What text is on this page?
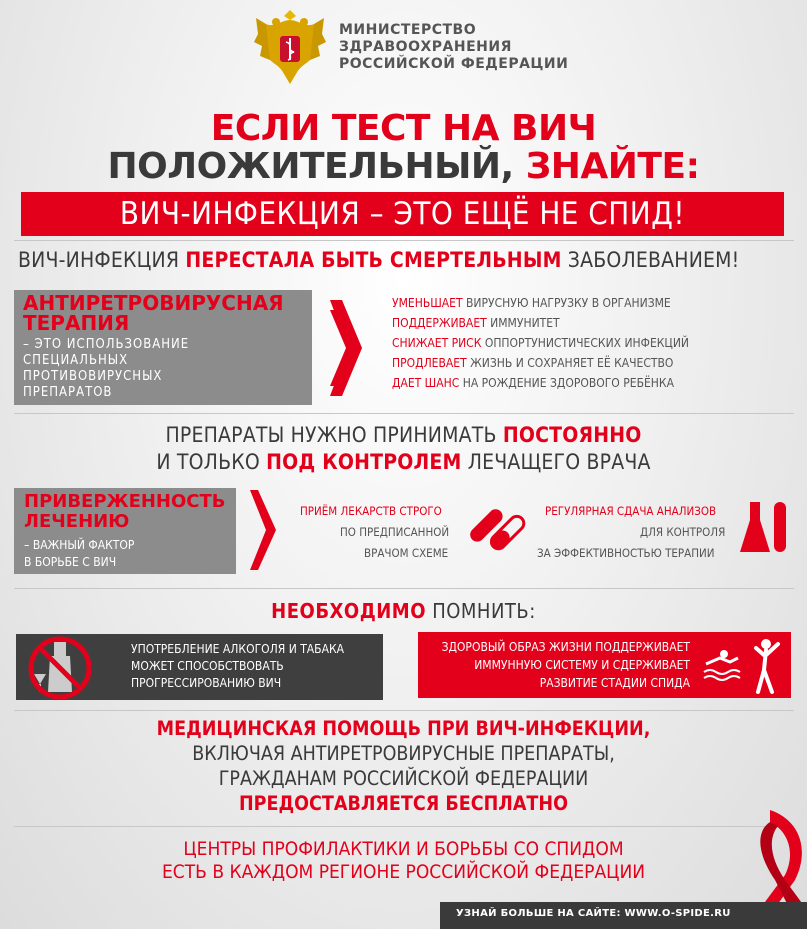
МИНИСТЕРСТВО
ЗДРАВООХРАНЕНИЯ
РОССИЙСКОЙ ФЕДЕРАЦИИ
ЕСЛИ ТЕСТ НА ВИЧ
ПОЛОЖИТЕЛЬНЫЙ, ЗНАЙТЕ:
ВИЧ-ИНФЕКЦИЯ – ЭТО ЕЩЁ НЕ СПИД!
ВИЧ-ИНФЕКЦИЯ ПЕРЕСТАЛА БЫТЬ СМЕРТЕЛЬНЫМ ЗАБОЛЕВАНИЕМ!
АНТИРЕТРОВИРУСНАЯ
ТЕРАПИЯ
– ЭТО ИСПОЛЬЗОВАНИЕ
СПЕЦИАЛЬНЫХ
ПРОТИВОВИРУСНЫХ
ПРЕПАРАТОВ
УМЕНЬШАЕТ ВИРУСНУЮ НАГРУЗКУ В ОРГАНИЗМЕ
ПОДДЕРЖИВАЕТ ИММУНИТЕТ
СНИЖАЕТ РИСК ОППОРТУНИСТИЧЕСКИХ ИНФЕКЦИЙ
ПРОДЛЕВАЕТ ЖИЗНЬ И СОХРАНЯЕТ ЕЁ КАЧЕСТВО
ДАЕТ ШАНС НА РОЖДЕНИЕ ЗДОРОВОГО РЕБЁНКА
ПРЕПАРАТЫ НУЖНО ПРИНИМАТЬ ПОСТОЯННО
И ТОЛЬКО ПОД КОНТРОЛЕМ ЛЕЧАЩЕГО ВРАЧА
ПРИВЕРЖЕННОСТЬ
ЛЕЧЕНИЮ
– ВАЖНЫЙ ФАКТОР
В БОРЬБЕ С ВИЧ
ПРИЁМ ЛЕКАРСТВ СТРОГО
ПО ПРЕДПИСАННОЙ
ВРАЧОМ СХЕМЕ
РЕГУЛЯРНАЯ СДАЧА АНАЛИЗОВ
ДЛЯ КОНТРОЛЯ
ЗА ЭФФЕКТИВНОСТЬЮ ТЕРАПИИ
НЕОБХОДИМО ПОМНИТЬ:
УПОТРЕБЛЕНИЕ АЛКОГОЛЯ И ТАБАКА
МОЖЕТ СПОСОБСТВОВАТЬ
ПРОГРЕССИРОВАНИЮ ВИЧ
ЗДОРОВЫЙ ОБРАЗ ЖИЗНИ ПОДДЕРЖИВАЕТ
ИММУННУЮ СИСТЕМУ И СДЕРЖИВАЕТ
РАЗВИТИЕ СТАДИИ СПИДА
МЕДИЦИНСКАЯ ПОМОЩЬ ПРИ ВИЧ-ИНФЕКЦИИ,
ВКЛЮЧАЯ АНТИРЕТРОВИРУСНЫЕ ПРЕПАРАТЫ,
ГРАЖДАНАМ РОССИЙСКОЙ ФЕДЕРАЦИИ
ПРЕДОСТАВЛЯЕТСЯ БЕСПЛАТНО
ЦЕНТРЫ ПРОФИЛАКТИКИ И БОРЬБЫ СО СПИДОМ
ЕСТЬ В КАЖДОМ РЕГИОНЕ РОССИЙСКОЙ ФЕДЕРАЦИИ
УЗНАЙ БОЛЬШЕ НА САЙТЕ: WWW.O-SPIDE.RU
